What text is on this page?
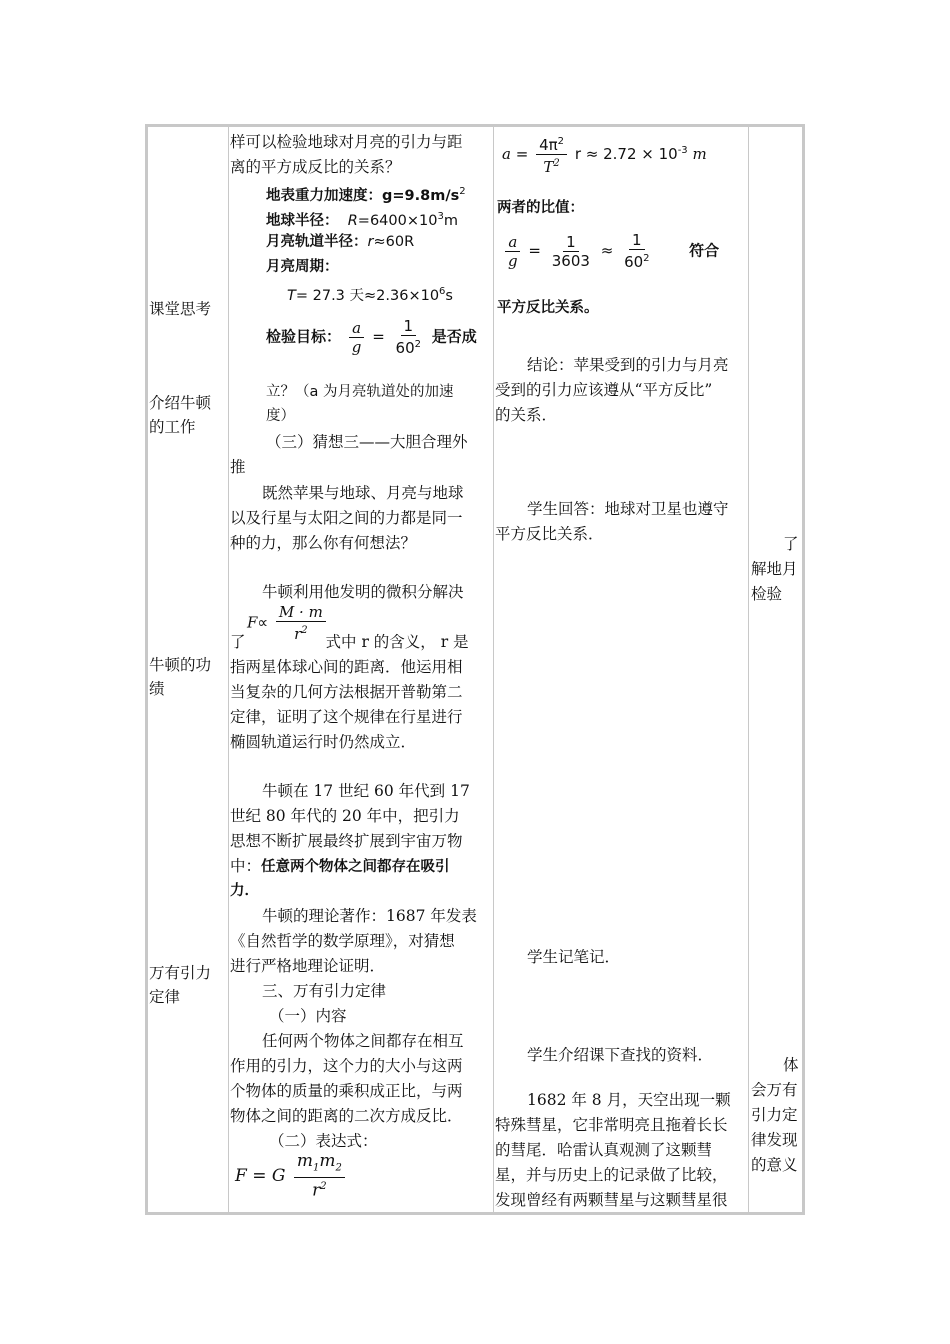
课堂思考
介绍牛顿
的工作
牛顿的功
绩
万有引力
定律
样可以检验地球对月亮的引力与距
离的平方成反比的关系？
地表重力加速度：$g=9.8m/s^2$
地球半径： $R=6400\times 10^3m$
月亮轨道半径：r≈60R
月亮周期：
T= 27.3 天$\approx 2.36\times 10^6s$
检验目标： $\frac{a}{g} = \frac{1}{60^2}$ 是否成
立？（a 为月亮轨道处的加速
度）
（三）猜想三——大胆合理外
推
既然苹果与地球、月亮与地球
以及行星与太阳之间的力都是同一
种的力，那么你有何想法？
牛顿利用他发明的微积分解决
$F\propto \frac{M \cdot m}{r^2}$
了	式中 r 的含义， r 是
指两星体球心间的距离．他运用相
当复杂的几何方法根据开普勒第二
定律，证明了这个规律在行星进行
椭圆轨道运行时仍然成立．
牛顿在 17 世纪 60 年代到 17
世纪 80 年代的 20 年中，把引力
思想不断扩展最终扩展到宇宙万物
中：任意两个物体之间都存在吸引
力．
牛顿的理论著作：1687 年发表
《自然哲学的数学原理》，对猜想
进行严格地理论证明．
三、万有引力定律
（一）内容
任何两个物体之间都存在相互
作用的引力，这个力的大小与这两
个物体的质量的乘积成正比，与两
物体之间的距离的二次方成反比．
（二）表达式：
F = G $\frac{m_1m_2}{r^2}$
$a = \frac{4\pi^2}{T^2}$ $r \approx 2.72 \times 10^{-3}$ m
两者的比值：
$\frac{a}{g} = \frac{1}{3603} \approx \frac{1}{60^2}$ 符合
平方反比关系。
结论：苹果受到的引力与月亮
受到的引力应该遵从“平方反比”
的关系．
学生回答：地球对卫星也遵守
平方反比关系．
学生记笔记．
学生介绍课下查找的资料．
1682 年 8 月，天空出现一颗
特殊彗星，它非常明亮且拖着长长
的彗尾．哈雷认真观测了这颗彗
星，并与历史上的记录做了比较，
发现曾经有两颗彗星与这颗彗星很
了
解地月
检验
体
会万有
引力定
律发现
的意义
